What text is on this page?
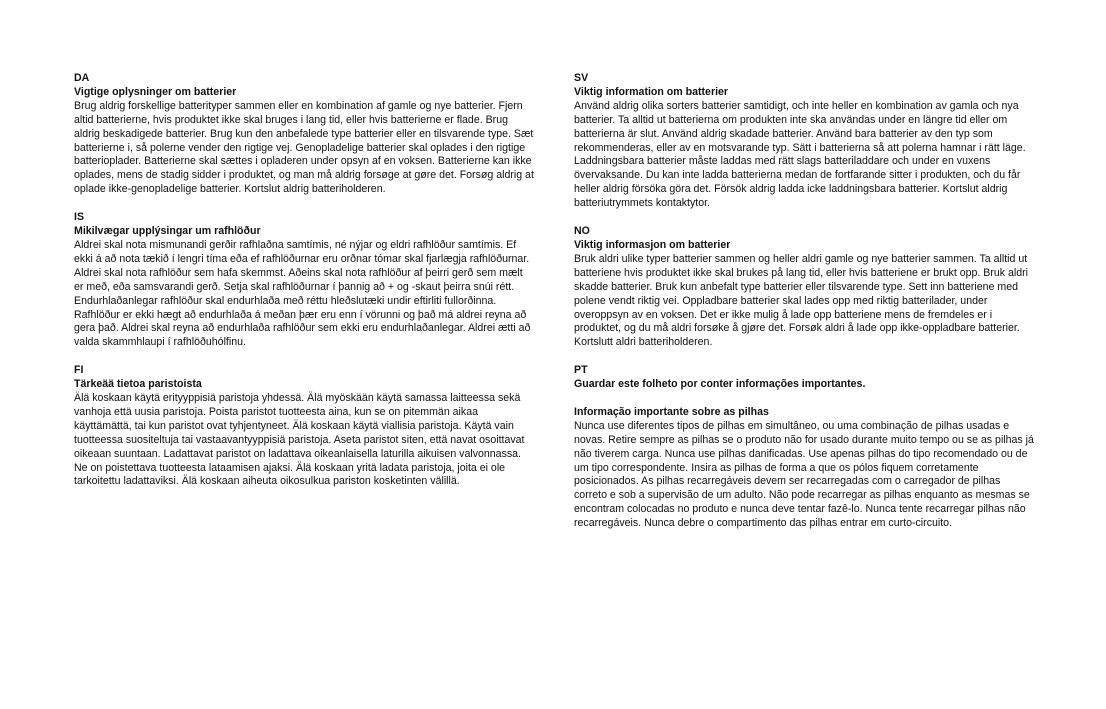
DA
Vigtige oplysninger om batterier
Brug aldrig forskellige batterityper sammen eller en kombination af gamle og nye batterier. Fjern altid batterierne, hvis produktet ikke skal bruges i lang tid, eller hvis batterierne er flade. Brug aldrig beskadigede batterier. Brug kun den anbefalede type batterier eller en tilsvarende type. Sæt batterierne i, så polerne vender den rigtige vej. Genopladelige batterier skal oplades i den rigtige batterioplader. Batterierne skal sættes i opladeren under opsyn af en voksen. Batterierne kan ikke oplades, mens de stadig sidder i produktet, og man må aldrig forsøge at gøre det. Forsøg aldrig at oplade ikke-genopladelige batterier. Kortslut aldrig batteriholderen.
IS
Mikilvægar upplýsingar um rafhlöður
Aldrei skal nota mismunandi gerðir rafhlaðna samtímis, né nýjar og eldri rafhlöður samtímis. Ef ekki á að nota tækið í lengri tíma eða ef rafhlöðurnar eru orðnar tómar skal fjarlægja rafhlöðurnar. Aldrei skal nota rafhlöður sem hafa skemmst. Aðeins skal nota rafhlöður af þeirri gerð sem mælt er með, eða samsvarandi gerð. Setja skal rafhlöðurnar í þannig að + og -skaut þeirra snúi rétt. Endurhlaðanlegar rafhlöður skal endurhlaða með réttu hleðslutæki undir eftirliti fullorðinna. Rafhlöður er ekki hægt að endurhlaða á meðan þær eru enn í vörunni og það má aldrei reyna að gera það. Aldrei skal reyna að endurhlaða rafhlöður sem ekki eru endurhlaðanlegar. Aldrei ætti að valda skammhlaupi í rafhlöðuhólfinu.
FI
Tärkeää tietoa paristoista
Älä koskaan käytä erityyppisiä paristoja yhdessä. Älä myöskään käytä samassa laitteessa sekä vanhoja että uusia paristoja. Poista paristot tuotteesta aina, kun se on pitemmän aikaa käyttämättä, tai kun paristot ovat tyhjentyneet. Älä koskaan käytä viallisia paristoja. Käytä vain tuotteessa suositeltuja tai vastaavantyyppisiä paristoja. Aseta paristot siten, että navat osoittavat oikeaan suuntaan. Ladattavat paristot on ladattava oikeanlaisella laturilla aikuisen valvonnassa. Ne on poistettava tuotteesta lataamisen ajaksi. Älä koskaan yritä ladata paristoja, joita ei ole tarkoitettu ladattaviksi. Älä koskaan aiheuta oikosulkua pariston kosketinten välillä.
SV
Viktig information om batterier
Använd aldrig olika sorters batterier samtidigt, och inte heller en kombination av gamla och nya batterier. Ta alltid ut batterierna om produkten inte ska användas under en längre tid eller om batterierna är slut. Använd aldrig skadade batterier. Använd bara batterier av den typ som rekommenderas, eller av en motsvarande typ. Sätt i batterierna så att polerna hamnar i rätt läge. Laddningsbara batterier måste laddas med rätt slags batteriladdare och under en vuxens övervaksande. Du kan inte ladda batterierna medan de fortfarande sitter i produkten, och du får heller aldrig försöka göra det. Försök aldrig ladda icke laddningsbara batterier. Kortslut aldrig batteriutrymmets kontaktytor.
NO
Viktig informasjon om batterier
Bruk aldri ulike typer batterier sammen og heller aldri gamle og nye batterier sammen. Ta alltid ut batteriene hvis produktet ikke skal brukes på lang tid, eller hvis batteriene er brukt opp. Bruk aldri skadde batterier. Bruk kun anbefalt type batterier eller tilsvarende type. Sett inn batteriene med polene vendt riktig vei. Oppladbare batterier skal lades opp med riktig batterilader, under overoppsyn av en voksen. Det er ikke mulig å lade opp batteriene mens de fremdeles er i produktet, og du må aldri forsøke å gjøre det. Forsøk aldri å lade opp ikke-oppladbare batterier. Kortslutt aldri batteriholderen.
PT
Guardar este folheto por conter informações importantes.
Informação importante sobre as pilhas
Nunca use diferentes tipos de pilhas em simultâneo, ou uma combinação de pilhas usadas e novas. Retire sempre as pilhas se o produto não for usado durante muito tempo ou se as pilhas já não tiverem carga. Nunca use pilhas danificadas. Use apenas pilhas do tipo recomendado ou de um tipo correspondente. Insira as pilhas de forma a que os pólos fiquem corretamente posicionados. As pilhas recarregáveis devem ser recarregadas com o carregador de pilhas correto e sob a supervisão de um adulto. Não pode recarregar as pilhas enquanto as mesmas se encontram colocadas no produto e nunca deve tentar fazê-lo. Nunca tente recarregar pilhas não recarregáveis. Nunca debre o compartimento das pilhas entrar em curto-circuito.
